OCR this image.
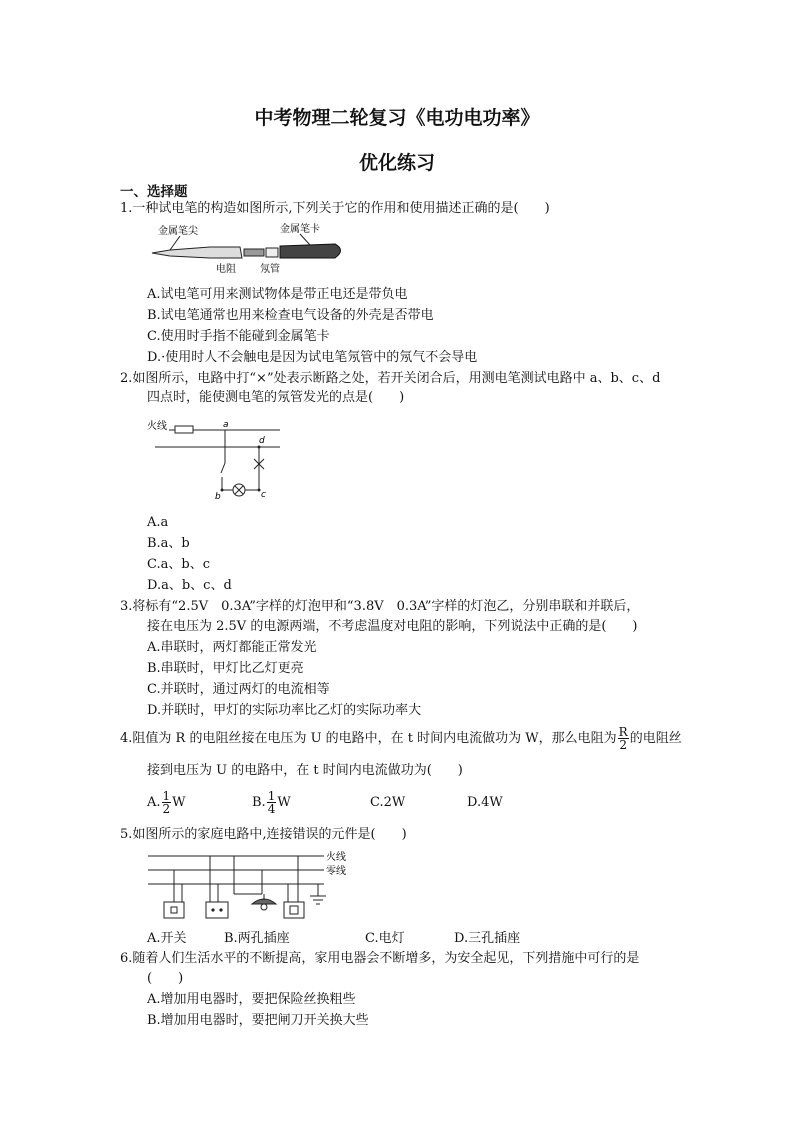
中考物理二轮复习《电功电功率》
优化练习
一、选择题
1.一种试电笔的构造如图所示,下列关于它的作用和使用描述正确的是(　　)
金属笔尖	金属笔卡
电阻 氖管
A.试电笔可用来测试物体是带正电还是带负电
B.试电笔通常也用来检查电气设备的外壳是否带电
C.使用时手指不能碰到金属笔卡
D.·使用时人不会触电是因为试电笔氖管中的氖气不会导电
2.如图所示，电路中打“×”处表示断路之处，若开关闭合后，用测电笔测试电路中 a、b、c、d
四点时，能使测电笔的氖管发光的点是(　　)
火线	a
b	c
d
A.a
B.a、b
C.a、b、c
D.a、b、c、d
3.将标有“2.5V　0.3A”字样的灯泡甲和“3.8V　0.3A”字样的灯泡乙，分别串联和并联后，
接在电压为 2.5V 的电源两端，不考虑温度对电阻的影响，下列说法中正确的是(　　)
A.串联时，两灯都能正常发光
B.串联时，甲灯比乙灯更亮
C.并联时，通过两灯的电流相等
D.并联时，甲灯的实际功率比乙灯的实际功率大
4.阻值为 R 的电阻丝接在电压为 U 的电路中，在 t 时间内电流做功为 W，那么电阻为 $\frac{R}{2}$ 的电阻丝
接到电压为 U 的电路中，在 t 时间内电流做功为(　　)
A. $\frac{1}{2}$ W	B. $\frac{1}{4}$ W	C.2W	D.4W
5.如图所示的家庭电路中,连接错误的元件是(　　)
火线
零线
A.开关	B.两孔插座	C.电灯	D.三孔插座
6.随着人们生活水平的不断提高，家用电器会不断增多，为安全起见，下列措施中可行的是
(　　)
A.增加用电器时，要把保险丝换粗些
B.增加用电器时，要把闸刀开关换大些
